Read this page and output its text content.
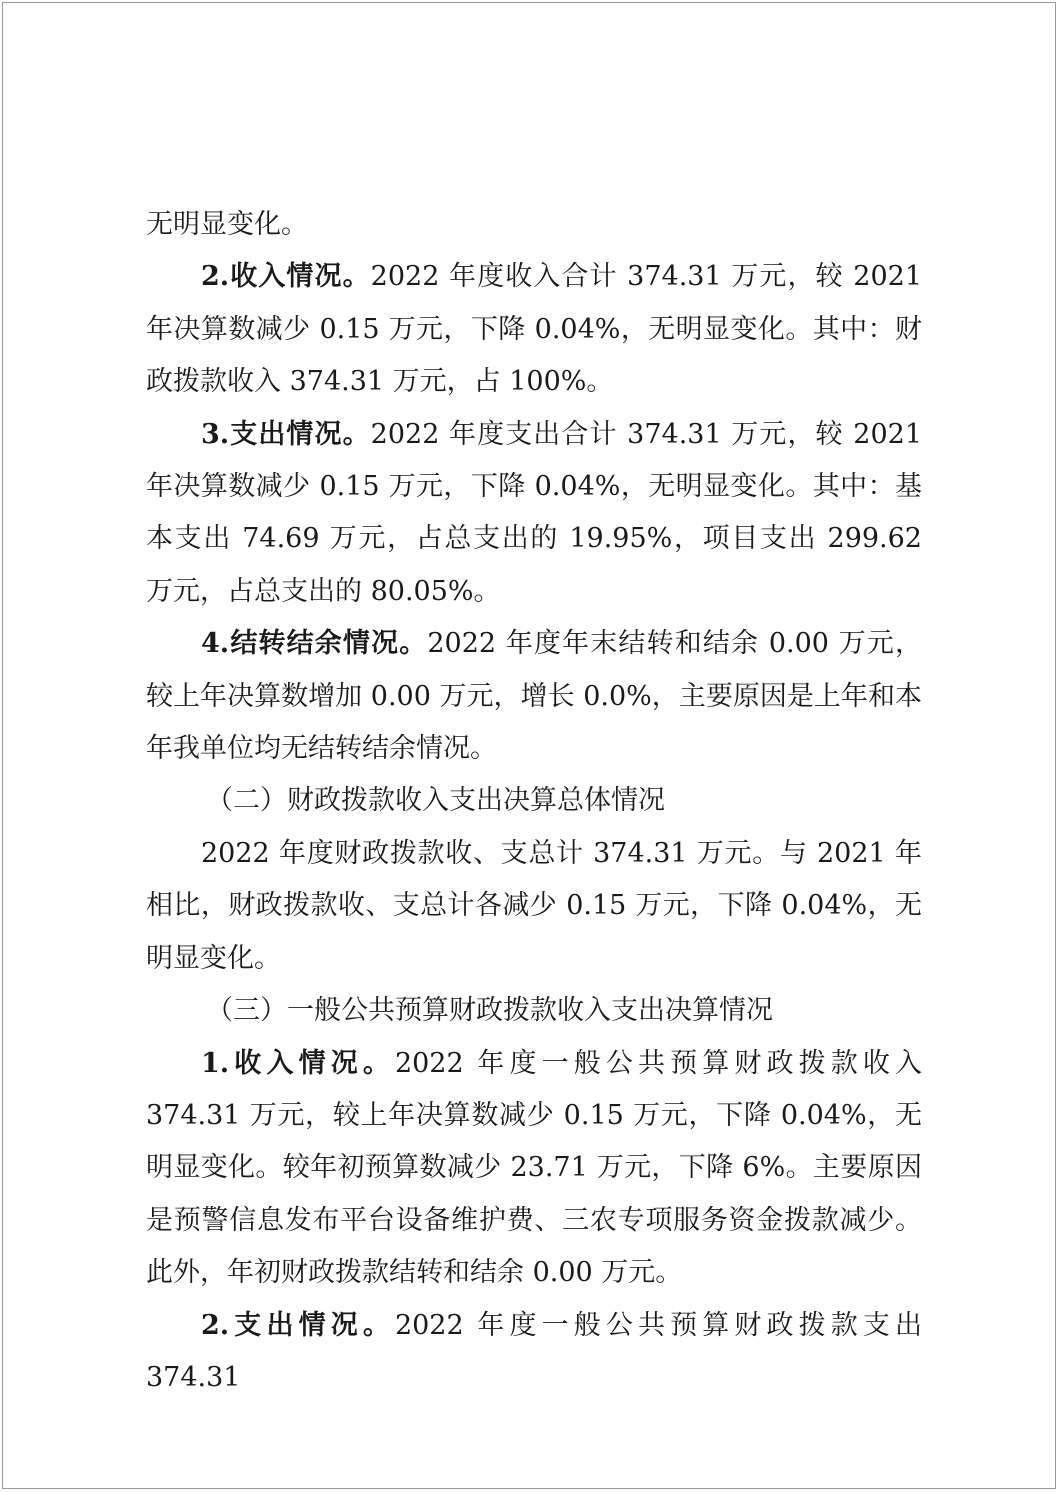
无明显变化。

2.收入情况。2022 年度收入合计 374.31 万元，较 2021 年决算数减少 0.15 万元，下降 0.04%，无明显变化。其中：财政拨款收入 374.31 万元，占 100%。

3.支出情况。2022 年度支出合计 374.31 万元，较 2021 年决算数减少 0.15 万元，下降 0.04%，无明显变化。其中：基本支出 74.69 万元，占总支出的 19.95%，项目支出 299.62 万元，占总支出的 80.05%。

4.结转结余情况。2022 年度年末结转和结余 0.00 万元，较上年决算数增加 0.00 万元，增长 0.0%，主要原因是上年和本年我单位均无结转结余情况。

（二）财政拨款收入支出决算总体情况

2022 年度财政拨款收、支总计 374.31 万元。与 2021 年相比，财政拨款收、支总计各减少 0.15 万元，下降 0.04%，无明显变化。

（三）一般公共预算财政拨款收入支出决算情况

1.收入情况。2022 年度一般公共预算财政拨款收入 374.31 万元，较上年决算数减少 0.15 万元，下降 0.04%，无明显变化。较年初预算数减少 23.71 万元，下降 6%。主要原因是预警信息发布平台设备维护费、三农专项服务资金拨款减少。此外，年初财政拨款结转和结余 0.00 万元。

2.支出情况。2022 年度一般公共预算财政拨款支出 374.31
